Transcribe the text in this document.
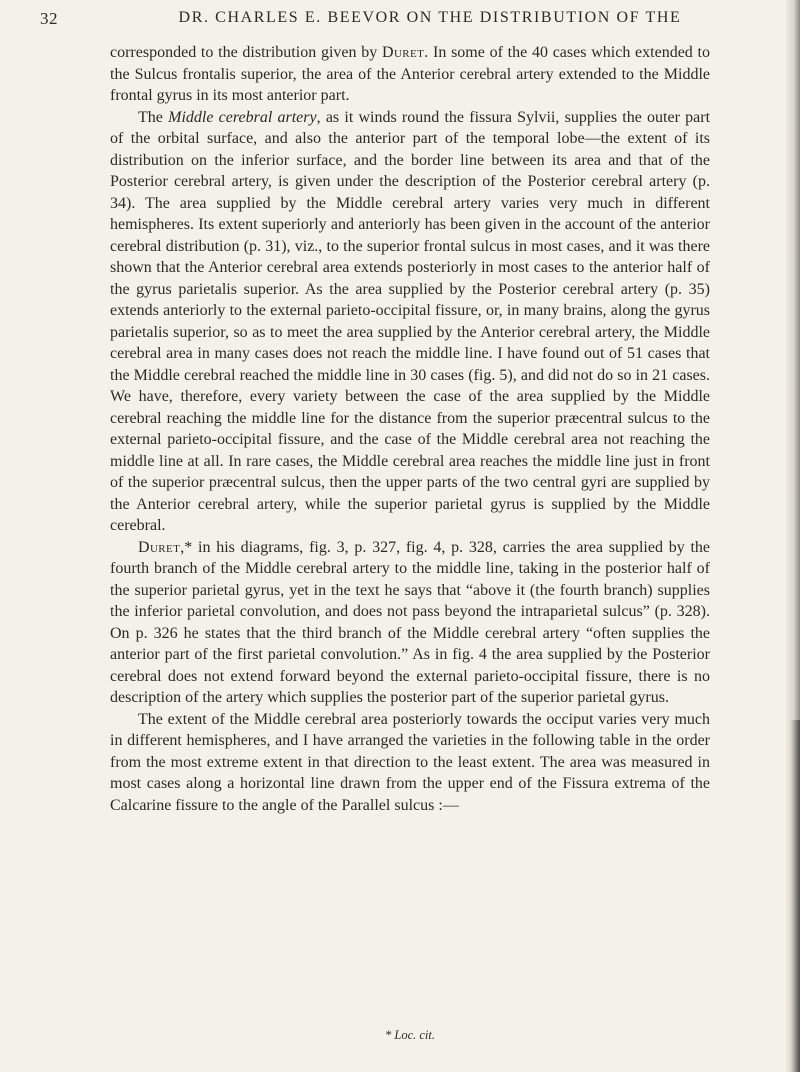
32	DR. CHARLES E. BEEVOR ON THE DISTRIBUTION OF THE

corresponded to the distribution given by Duret. In some of the 40 cases which extended to the Sulcus frontalis superior, the area of the Anterior cerebral artery extended to the Middle frontal gyrus in its most anterior part.

The Middle cerebral artery, as it winds round the fissura Sylvii, supplies the outer part of the orbital surface, and also the anterior part of the temporal lobe—the extent of its distribution on the inferior surface, and the border line between its area and that of the Posterior cerebral artery, is given under the description of the Posterior cerebral artery (p. 34). The area supplied by the Middle cerebral artery varies very much in different hemispheres. Its extent superiorly and anteriorly has been given in the account of the anterior cerebral distribution (p. 31), viz., to the superior frontal sulcus in most cases, and it was there shown that the Anterior cerebral area extends posteriorly in most cases to the anterior half of the gyrus parietalis superior. As the area supplied by the Posterior cerebral artery (p. 35) extends anteriorly to the external parieto-occipital fissure, or, in many brains, along the gyrus parietalis superior, so as to meet the area supplied by the Anterior cerebral artery, the Middle cerebral area in many cases does not reach the middle line. I have found out of 51 cases that the Middle cerebral reached the middle line in 30 cases (fig. 5), and did not do so in 21 cases. We have, therefore, every variety between the case of the area supplied by the Middle cerebral reaching the middle line for the distance from the superior præcentral sulcus to the external parieto-occipital fissure, and the case of the Middle cerebral area not reaching the middle line at all. In rare cases, the Middle cerebral area reaches the middle line just in front of the superior præcentral sulcus, then the upper parts of the two central gyri are supplied by the Anterior cerebral artery, while the superior parietal gyrus is supplied by the Middle cerebral.

Duret,* in his diagrams, fig. 3, p. 327, fig. 4, p. 328, carries the area supplied by the fourth branch of the Middle cerebral artery to the middle line, taking in the posterior half of the superior parietal gyrus, yet in the text he says that “above it (the fourth branch) supplies the inferior parietal convolution, and does not pass beyond the intraparietal sulcus” (p. 328). On p. 326 he states that the third branch of the Middle cerebral artery “often supplies the anterior part of the first parietal convolution.” As in fig. 4 the area supplied by the Posterior cerebral does not extend forward beyond the external parieto-occipital fissure, there is no description of the artery which supplies the posterior part of the superior parietal gyrus.

The extent of the Middle cerebral area posteriorly towards the occiput varies very much in different hemispheres, and I have arranged the varieties in the following table in the order from the most extreme extent in that direction to the least extent. The area was measured in most cases along a horizontal line drawn from the upper end of the Fissura extrema of the Calcarine fissure to the angle of the Parallel sulcus :—

* Loc. cit.
